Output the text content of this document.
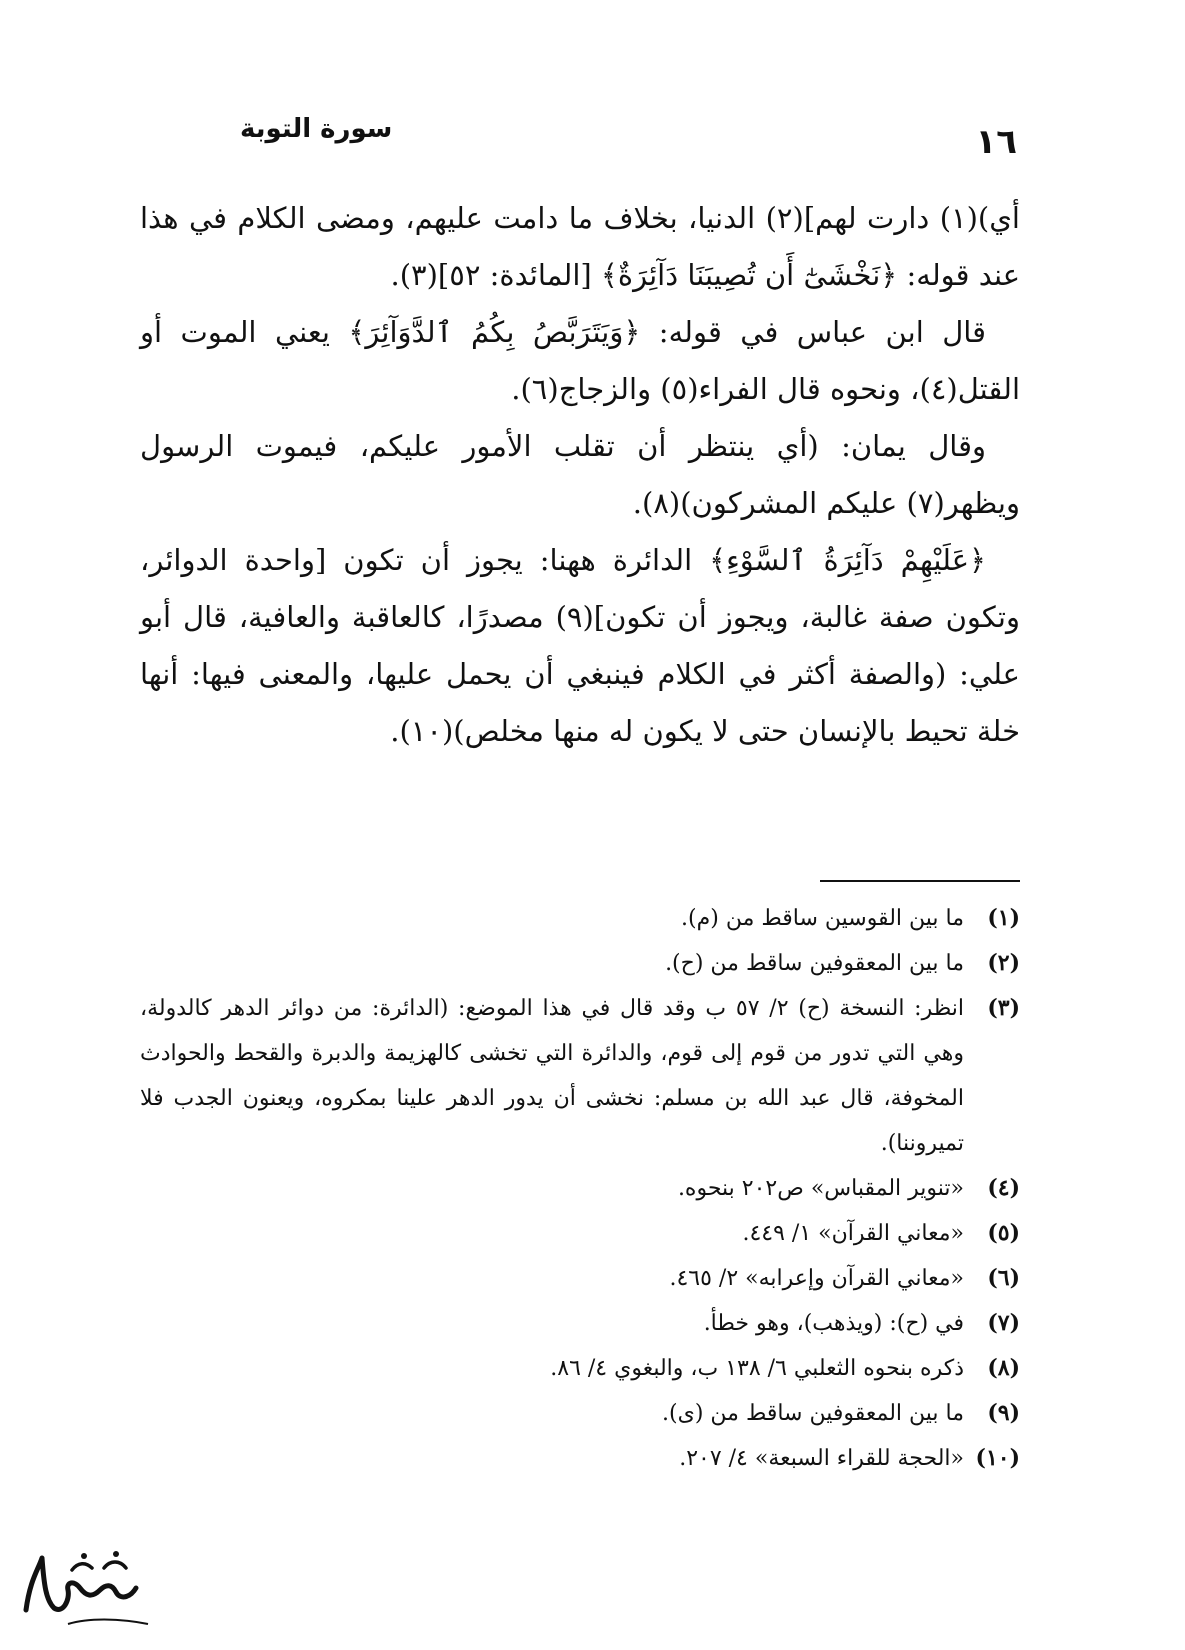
١٦
سورة التوبة

أي)(١) دارت لهم](٢) الدنيا، بخلاف ما دامت عليهم، ومضى الكلام في هذا عند قوله: ﴿نَخْشَىٰٓ أَن تُصِيبَنَا دَآئِرَةٌ﴾ [المائدة: ٥٢](٣).

قال ابن عباس في قوله: ﴿وَيَتَرَبَّصُ بِكُمُ ٱلدَّوَآئِرَ﴾ يعني الموت أو القتل(٤)، ونحوه قال الفراء(٥) والزجاج(٦).

وقال يمان: (أي ينتظر أن تقلب الأمور عليكم، فيموت الرسول ويظهر(٧) عليكم المشركون)(٨).

﴿عَلَيْهِمْ دَآئِرَةُ ٱلسَّوْءِ﴾ الدائرة ههنا: يجوز أن تكون [واحدة الدوائر، وتكون صفة غالبة، ويجوز أن تكون](٩) مصدرًا، كالعاقبة والعافية، قال أبو علي: (والصفة أكثر في الكلام فينبغي أن يحمل عليها، والمعنى فيها: أنها خلة تحيط بالإنسان حتى لا يكون له منها مخلص)(١٠).

(١)
ما بين القوسين ساقط من (م).
(٢)
ما بين المعقوفين ساقط من (ح).
(٣)
انظر: النسخة (ح) ٢/ ٥٧ ب وقد قال في هذا الموضع: (الدائرة: من دوائر الدهر كالدولة، وهي التي تدور من قوم إلى قوم، والدائرة التي تخشى كالهزيمة والدبرة والقحط والحوادث المخوفة، قال عبد الله بن مسلم: نخشى أن يدور الدهر علينا بمكروه، ويعنون الجدب فلا تميروننا).
(٤)
«تنوير المقباس» ص٢٠٢ بنحوه.
(٥)
«معاني القرآن» ١/ ٤٤٩.
(٦)
«معاني القرآن وإعرابه» ٢/ ٤٦٥.
(٧)
في (ح): (ويذهب)، وهو خطأ.
(٨)
ذكره بنحوه الثعلبي ٦/ ١٣٨ ب، والبغوي ٤/ ٨٦.
(٩)
ما بين المعقوفين ساقط من (ى).
(١٠)
«الحجة للقراء السبعة» ٤/ ٢٠٧.
